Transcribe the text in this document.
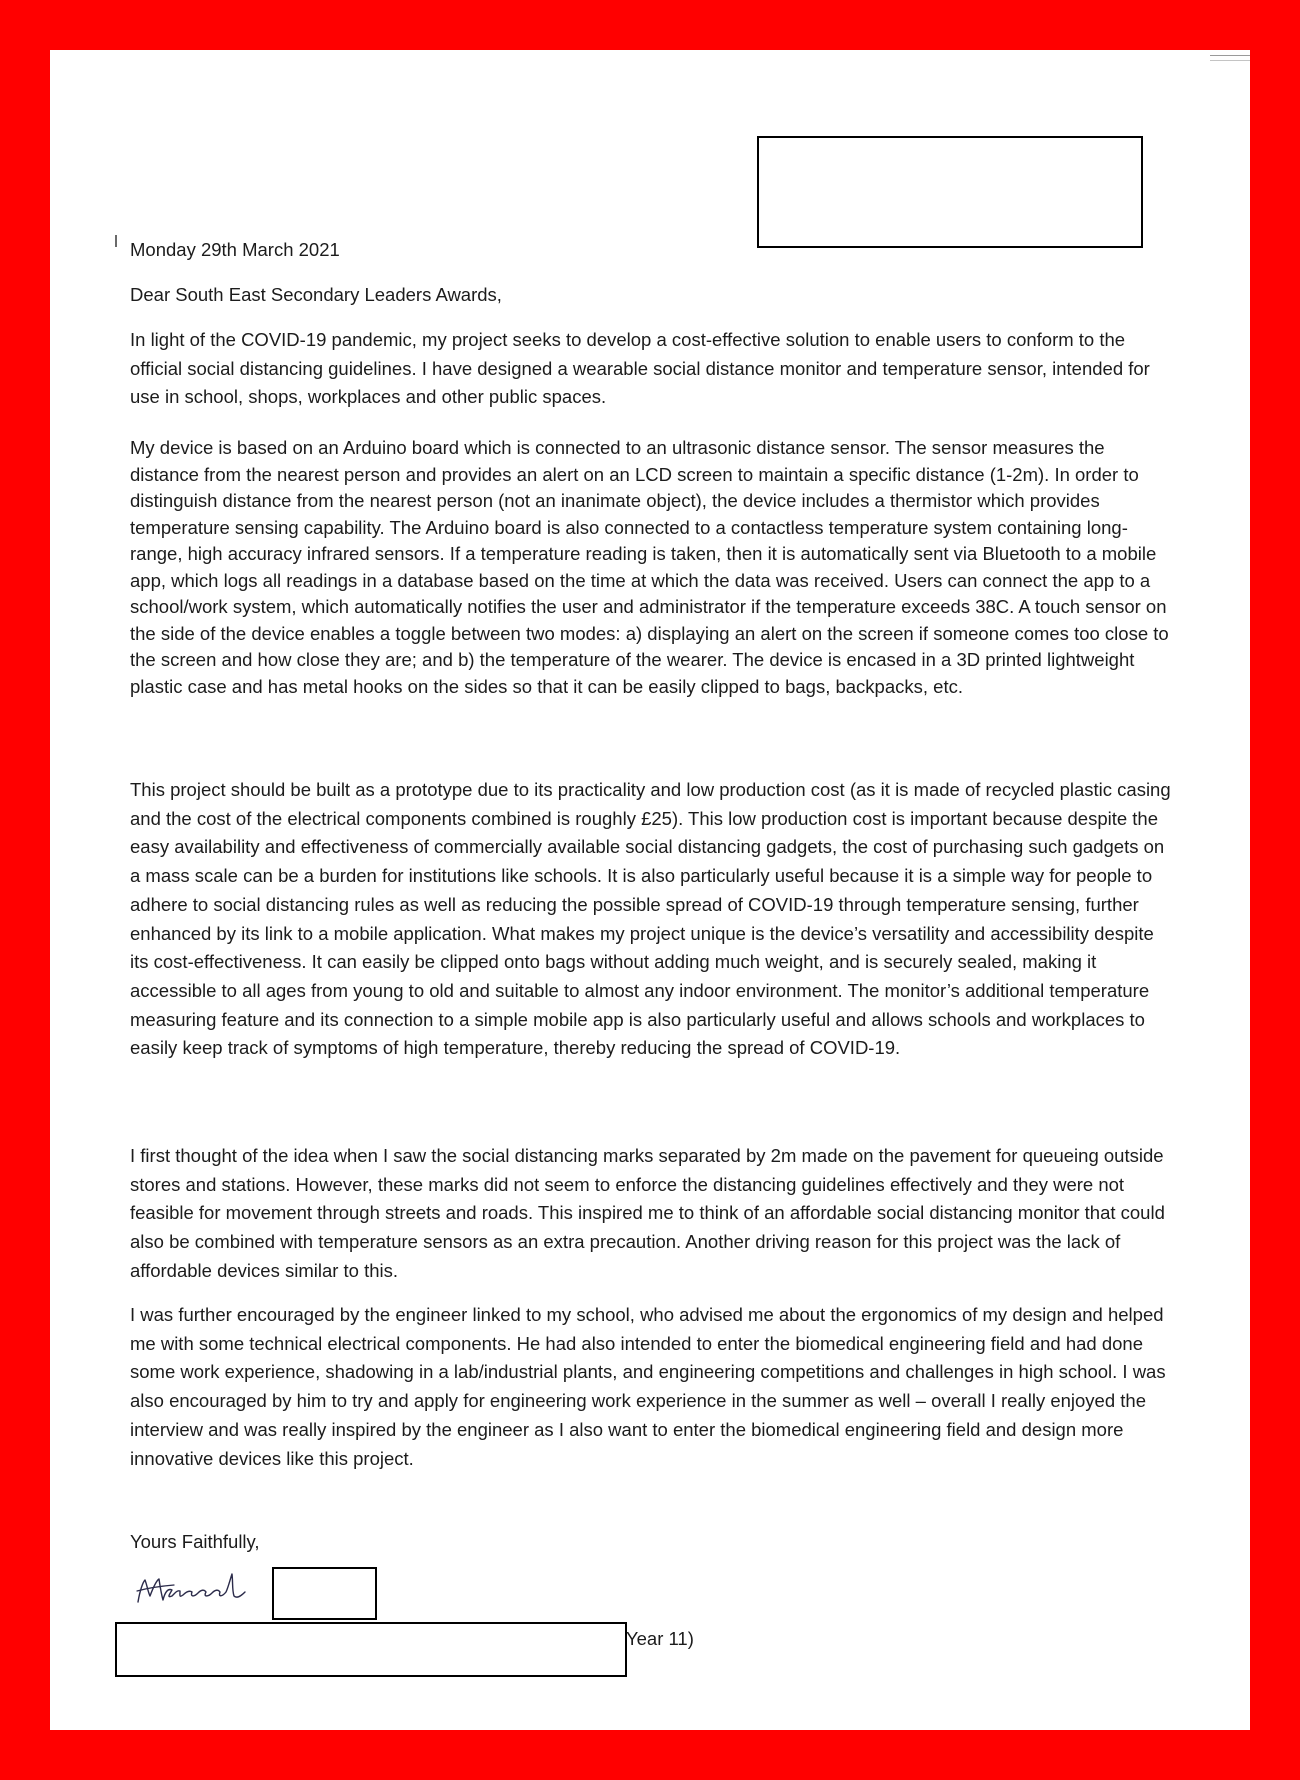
Monday 29th March 2021
Dear South East Secondary Leaders Awards,

In light of the COVID-19 pandemic, my project seeks to develop a cost-effective solution to enable users to conform to the official social distancing guidelines. I have designed a wearable social distance monitor and temperature sensor, intended for use in school, shops, workplaces and other public spaces.

My device is based on an Arduino board which is connected to an ultrasonic distance sensor. The sensor measures the distance from the nearest person and provides an alert on an LCD screen to maintain a specific distance (1-2m). In order to distinguish distance from the nearest person (not an inanimate object), the device includes a thermistor which provides temperature sensing capability. The Arduino board is also connected to a contactless temperature system containing long-range, high accuracy infrared sensors. If a temperature reading is taken, then it is automatically sent via Bluetooth to a mobile app, which logs all readings in a database based on the time at which the data was received. Users can connect the app to a school/work system, which automatically notifies the user and administrator if the temperature exceeds 38C. A touch sensor on the side of the device enables a toggle between two modes: a) displaying an alert on the screen if someone comes too close to the screen and how close they are; and b) the temperature of the wearer. The device is encased in a 3D printed lightweight plastic case and has metal hooks on the sides so that it can be easily clipped to bags, backpacks, etc.

This project should be built as a prototype due to its practicality and low production cost (as it is made of recycled plastic casing and the cost of the electrical components combined is roughly £25). This low production cost is important because despite the easy availability and effectiveness of commercially available social distancing gadgets, the cost of purchasing such gadgets on a mass scale can be a burden for institutions like schools. It is also particularly useful because it is a simple way for people to adhere to social distancing rules as well as reducing the possible spread of COVID-19 through temperature sensing, further enhanced by its link to a mobile application. What makes my project unique is the device’s versatility and accessibility despite its cost-effectiveness. It can easily be clipped onto bags without adding much weight, and is securely sealed, making it accessible to all ages from young to old and suitable to almost any indoor environment. The monitor’s additional temperature measuring feature and its connection to a simple mobile app is also particularly useful and allows schools and workplaces to easily keep track of symptoms of high temperature, thereby reducing the spread of COVID-19.

I first thought of the idea when I saw the social distancing marks separated by 2m made on the pavement for queueing outside stores and stations. However, these marks did not seem to enforce the distancing guidelines effectively and they were not feasible for movement through streets and roads. This inspired me to think of an affordable social distancing monitor that could also be combined with temperature sensors as an extra precaution. Another driving reason for this project was the lack of affordable devices similar to this.

I was further encouraged by the engineer linked to my school, who advised me about the ergonomics of my design and helped me with some technical electrical components. He had also intended to enter the biomedical engineering field and had done some work experience, shadowing in a lab/industrial plants, and engineering competitions and challenges in high school. I was also encouraged by him to try and apply for engineering work experience in the summer as well – overall I really enjoyed the interview and was really inspired by the engineer as I also want to enter the biomedical engineering field and design more innovative devices like this project.

Yours Faithfully,
Year 11)
